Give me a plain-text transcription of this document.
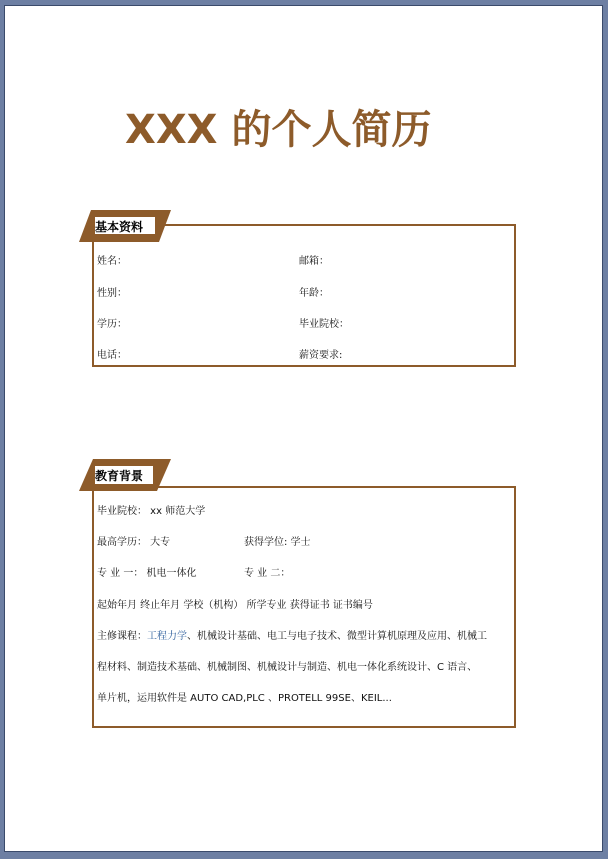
XXX 的个人简历
基本资料
姓名：	邮箱：
性别：	年龄：
学历：	毕业院校：
电话：	薪资要求:
教育背景
毕业院校： xx 师范大学
最高学历： 大专	获得学位: 学士
专 业 一： 机电一体化	专 业 二：
起始年月 终止年月 学校（机构） 所学专业 获得证书 证书编号
主修课程：工程力学、机械设计基础、电工与电子技术、微型计算机原理及应用、机械工
程材料、制造技术基础、机械制图、机械设计与制造、机电一体化系统设计、C 语言、
单片机，运用软件是 AUTO CAD,PLC 、PROTELL 99SE、KEIL...
